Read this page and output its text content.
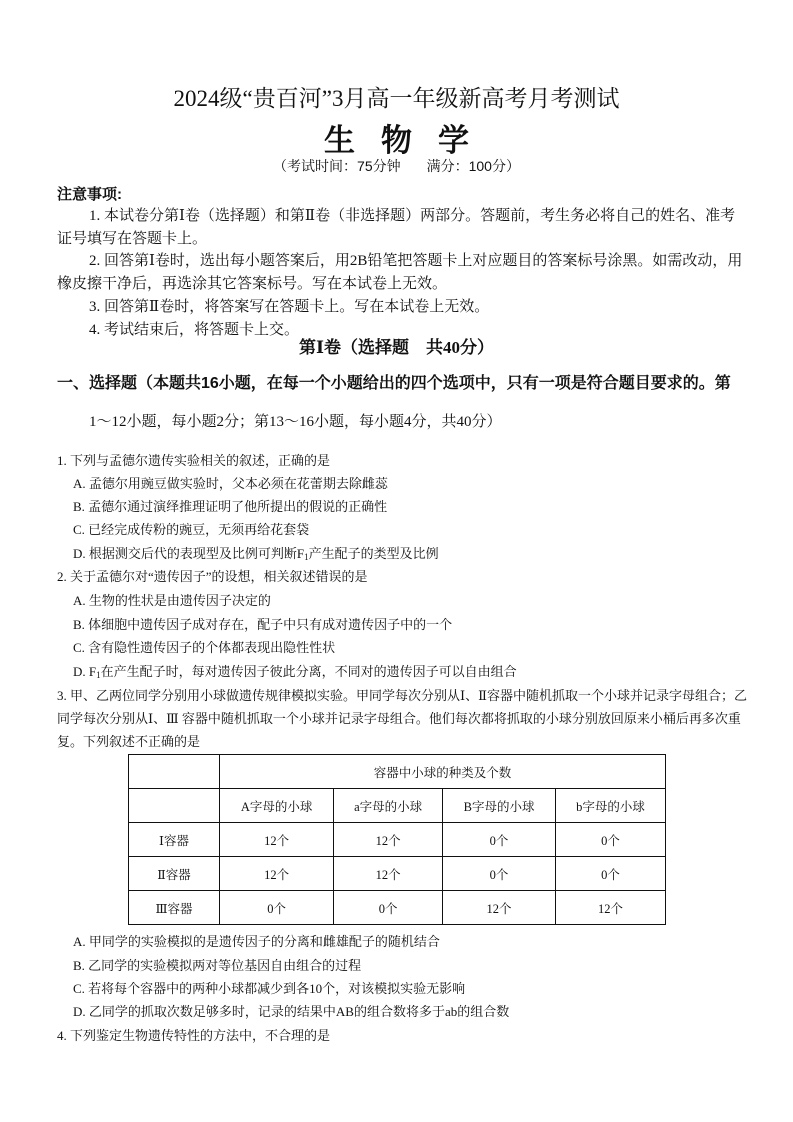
2024级“贵百河”3月高一年级新高考月考测试
生物学
（考试时间：75分钟 满分：100分）
注意事项:
1. 本试卷分第Ⅰ卷（选择题）和第Ⅱ卷（非选择题）两部分。答题前，考生务必将自己的姓名、准考证号填写在答题卡上。
2. 回答第Ⅰ卷时，选出每小题答案后，用2B铅笔把答题卡上对应题目的答案标号涂黑。如需改动，用橡皮擦干净后，再选涂其它答案标号。写在本试卷上无效。
3. 回答第Ⅱ卷时，将答案写在答题卡上。写在本试卷上无效。
4. 考试结束后，将答题卡上交。
第Ⅰ卷（选择题　共40分）
一、选择题（本题共16小题，在每一个小题给出的四个选项中，只有一项是符合题目要求的。第
1～12小题，每小题2分；第13～16小题，每小题4分，共40分）
1. 下列与孟德尔遗传实验相关的叙述，正确的是
A. 孟德尔用豌豆做实验时，父本必须在花蕾期去除雌蕊
B. 孟德尔通过演绎推理证明了他所提出的假说的正确性
C. 已经完成传粉的豌豆，无须再给花套袋
D. 根据测交后代的表现型及比例可判断$F_1$产生配子的类型及比例
2. 关于孟德尔对“遗传因子”的设想，相关叙述错误的是
A. 生物的性状是由遗传因子决定的
B. 体细胞中遗传因子成对存在，配子中只有成对遗传因子中的一个
C. 含有隐性遗传因子的个体都表现出隐性性状
D. $F_1$在产生配子时，每对遗传因子彼此分离，不同对的遗传因子可以自由组合
3. 甲、乙两位同学分别用小球做遗传规律模拟实验。甲同学每次分别从Ⅰ、Ⅱ容器中随机抓取一个小球并记录字母组合；乙同学每次分别从Ⅰ、Ⅲ 容器中随机抓取一个小球并记录字母组合。他们每次都将抓取的小球分别放回原来小桶后再多次重复。下列叙述不正确的是
	容器中小球的种类及个数			
	A字母的小球	a字母的小球	B字母的小球	b字母的小球
Ⅰ容器	12个	12个	0个	0个
Ⅱ容器	12个	12个	0个	0个
Ⅲ容器	0个	0个	12个	12个
A. 甲同学的实验模拟的是遗传因子的分离和雌雄配子的随机结合
B. 乙同学的实验模拟两对等位基因自由组合的过程
C. 若将每个容器中的两种小球都减少到各10个，对该模拟实验无影响
D. 乙同学的抓取次数足够多时，记录的结果中AB的组合数将多于ab的组合数
4. 下列鉴定生物遗传特性的方法中，不合理的是
